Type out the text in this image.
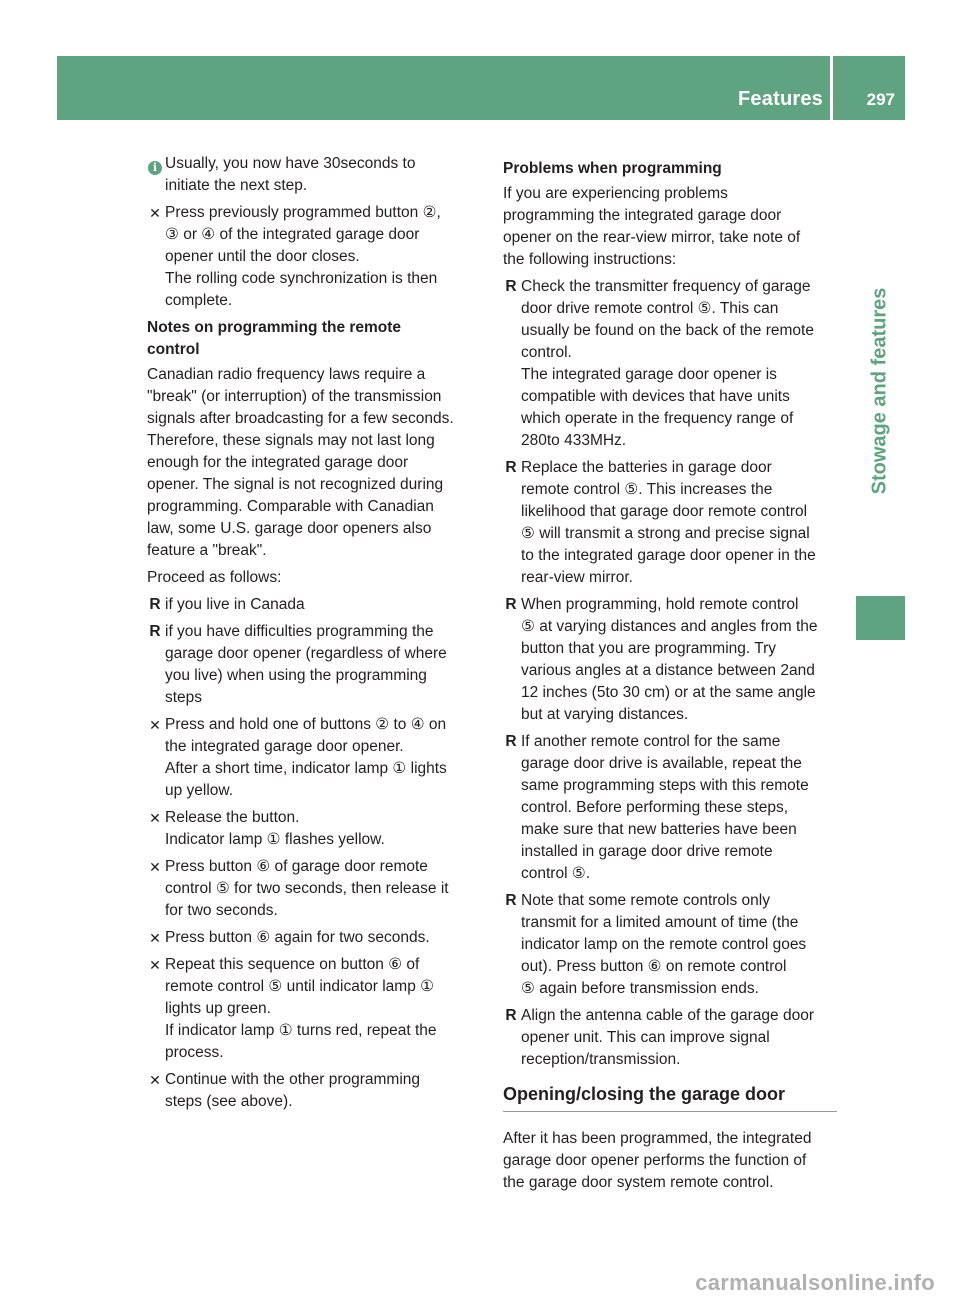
Features	297
Stowage and features
i Usually, you now have 30seconds to
initiate the next step.
✕ Press previously programmed button ②,
③ or ④ of the integrated garage door
opener until the door closes.
The rolling code synchronization is then
complete.
Notes on programming the remote
control
Canadian radio frequency laws require a
"break" (or interruption) of the transmission
signals after broadcasting for a few seconds.
Therefore, these signals may not last long
enough for the integrated garage door
opener. The signal is not recognized during
programming. Comparable with Canadian
law, some U.S. garage door openers also
feature a "break".
Proceed as follows:
R if you live in Canada
R if you have difficulties programming the
garage door opener (regardless of where
you live) when using the programming
steps
✕ Press and hold one of buttons ② to ④ on
the integrated garage door opener.
After a short time, indicator lamp ① lights
up yellow.
✕ Release the button.
Indicator lamp ① flashes yellow.
✕ Press button ⑥ of garage door remote
control ⑤ for two seconds, then release it
for two seconds.
✕ Press button ⑥ again for two seconds.
✕ Repeat this sequence on button ⑥ of
remote control ⑤ until indicator lamp ①
lights up green.
If indicator lamp ① turns red, repeat the
process.
✕ Continue with the other programming
steps (see above).
Problems when programming
If you are experiencing problems
programming the integrated garage door
opener on the rear-view mirror, take note of
the following instructions:
R Check the transmitter frequency of garage
door drive remote control ⑤. This can
usually be found on the back of the remote
control.
The integrated garage door opener is
compatible with devices that have units
which operate in the frequency range of
280to 433MHz.
R Replace the batteries in garage door
remote control ⑤. This increases the
likelihood that garage door remote control
⑤ will transmit a strong and precise signal
to the integrated garage door opener in the
rear-view mirror.
R When programming, hold remote control
⑤ at varying distances and angles from the
button that you are programming. Try
various angles at a distance between 2and
12 inches (5to 30 cm) or at the same angle
but at varying distances.
R If another remote control for the same
garage door drive is available, repeat the
same programming steps with this remote
control. Before performing these steps,
make sure that new batteries have been
installed in garage door drive remote
control ⑤.
R Note that some remote controls only
transmit for a limited amount of time (the
indicator lamp on the remote control goes
out). Press button ⑥ on remote control
⑤ again before transmission ends.
R Align the antenna cable of the garage door
opener unit. This can improve signal
reception/transmission.
Opening/closing the garage door
After it has been programmed, the integrated
garage door opener performs the function of
the garage door system remote control.
carmanualsonline.info
